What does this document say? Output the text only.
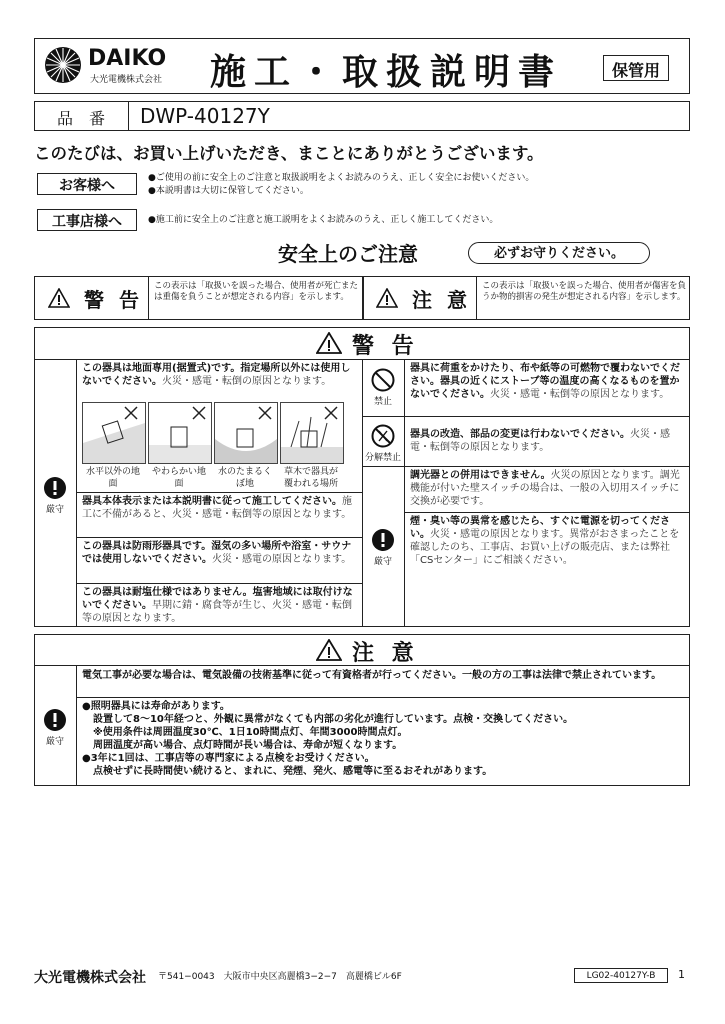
DAIKO
大光電機株式会社 施工・取扱説明書	保管用
品　番	DWP-40127Y
このたびは、お買い上げいただき、まことにありがとうございます。
お客様へ	●ご使用の前に安全上のご注意と取扱説明をよくお読みのうえ、正しく安全にお使いください。
●本説明書は大切に保管してください。
工事店様へ	●施工前に安全上のご注意と施工説明をよくお読みのうえ、正しく施工してください。
安全上のご注意	必ずお守りください。
警 告
この表示は「取扱いを誤った場合、使用者が死亡または重傷を負うことが想定される内容」を示します。	注 意
この表示は「取扱いを誤った場合、使用者が傷害を負うか物的損害の発生が想定される内容」を示します。
警 告
厳守
この器具は地面専用(据置式)です。指定場所以外には使用しないでください。火災・感電・転倒の原因となります。
水平以外の地面
やわらかい地面
水のたまるくぼ地
草木で器具が覆われる場所
器具本体表示または本説明書に従って施工してください。施工に不備があると、火災・感電・転倒等の原因となります。
この器具は防雨形器具です。湿気の多い場所や浴室・サウナでは使用しないでください。火災・感電の原因となります。
この器具は耐塩仕様ではありません。塩害地域には取付けないでください。早期に錆・腐食等が生じ、火災・感電・転倒等の原因となります。
禁止
器具に荷重をかけたり、布や紙等の可燃物で覆わないでください。器具の近くにストーブ等の温度の高くなるものを置かないでください。火災・感電・転倒等の原因となります。
分解禁止
器具の改造、部品の変更は行わないでください。火災・感電・転倒等の原因となります。
厳守
調光器との併用はできません。火災の原因となります。調光機能が付いた壁スイッチの場合は、一般の入切用スイッチに交換が必要です。
煙・臭い等の異常を感じたら、すぐに電源を切ってください。火災・感電の原因となります。異常がおさまったことを確認したのち、工事店、お買い上げの販売店、または弊社「CSセンター」にご相談ください。
注 意
厳守
電気工事が必要な場合は、電気設備の技術基準に従って有資格者が行ってください。一般の方の工事は法律で禁止されています。
●照明器具には寿命があります。
設置して8～10年経つと、外観に異常がなくても内部の劣化が進行しています。点検・交換してください。
※使用条件は周囲温度30℃、1日10時間点灯、年間3000時間点灯。
周囲温度が高い場合、点灯時間が長い場合は、寿命が短くなります。
●3年に1回は、工事店等の専門家による点検をお受けください。
点検せずに長時間使い続けると、まれに、発煙、発火、感電等に至るおそれがあります。
大光電機株式会社 〒541−0043　大阪市中央区高麗橋3−2−7　高麗橋ビル6F	LG02-40127Y-B	1
